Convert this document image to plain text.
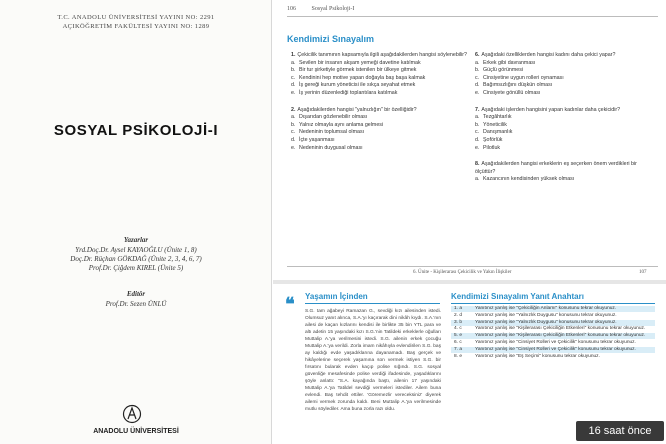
T.C. ANADOLU ÜNİVERSİTESİ YAYINI NO: 2291
AÇIKÖĞRETİM FAKÜLTESİ YAYINI NO: 1289
SOSYAL PSİKOLOJİ-I
Yazarlar
Yrd.Doç.Dr. Aysel KAYAOĞLU (Ünite 1, 8)
Doç.Dr. Rüçhan GÖKDAĞ (Ünite 2, 3, 4, 6, 7)
Prof.Dr. Çiğdem KIREL (Ünite 5)
Editör
Prof.Dr. Sezen ÜNLÜ
ANADOLU ÜNİVERSİTESİ
106	Sosyal Psikoloji-I
Kendimizi Sınayalım
1. Çekicilik tanımının kapsamıyla ilgili aşağıdakilerden hangisi söylenebilir?
a. Sevilen bir insanın akşam yemeği davetine katılmak
b. Bir tur şirketiyle görmek istenilen bir ülkeye gitmek
c. Kendinini hep motive yapan doğayla baş başa kalmak
d. İş gereği kurum yöneticisi ile sıkça seyahat etmek
e. İş yerinin düzenlediği toplantılara katılmak
2. Aşağıdakilerden hangisi "yalnızlığın" bir özelliğidir?
a. Dışarıdan gözlenebilir olması
b. Yalnız olmayla aynı anlama gelmesi
c. Nedeninin toplumsal olması
d. İçte yaşanması
e. Nedeninin duygusal olması
6. Aşağıdaki özelliklerden hangisi kadını daha çekici yapar?
a. Erkek gibi davranması
b. Güçlü görünmesi
c. Cinsiyetine uygun rolleri oynaması
d. Bağımsızlığını düşkün olması
e. Cinsiyete gönüllü olması
7. Aşağıdaki işlerden hangisini yapan kadınlar daha çekicidir?
a. Tezgâhtarlık
b. Yöneticilik
c. Danışmanlık
d. Şoförlük
e. Pilotluk
8. Aşağıdakilerden hangisi erkeklerin eş seçerken önem verdikleri bir ölçüttür?
a. Kazancının kendisinden yüksek olması
6. Ünite - Kişilerarası Çekicilik ve Yakın İlişkiler	107
❝ Yaşamın İçinden
S.G. tam ağabeyi Ramazan G., sevdiği kızı ailesinden istedi. Olumsuz yanıt alınca, S.A.'yı kaçırarak dini nikâh kıydı. S.A.'nın ailesi de kaçan kızlarını kendisi ile birlikte 35 bin YTL para ve altı adetin 15 yaşındaki kızı S.G.'nin Tatildeki erkeklerle oğulları Muttalip A.'ya verilmesini istedi. S.G. ailenin erkek çocuğu Muttalip A.'ya verildi. Zorla imam nikâhıyla evlendirilen S.G. baş ay kaldığı evde yaşadıklarına dayanamadı. Baş gerçek ve hikâyelerine seçerek yaşamına son vermek istiyen S.G. bir fırsatını bularak evden kaçıp polise sığındı. S.G. sosyal güvenliğe mesafesinde polise verdiği ifadesinde, yaşadıklarını şöyle anlattı: "S.A. kayağında baştı, ailenin 17 yaşındaki Muttalip A.'ya Tatildel sevdiği vermeleri istediler. Ailem buna evlendi. Baş tehdit ettiler. 'Göremezlir vereceksiniz' diyerek ailemi vermek zorunda kaldı. Beni Muttalip A.'ya verilmesinde mutlu söylediler. Ama buna zorla razı oldu.
Kendimizi Sınayalım Yanıt Anahtarı
1. a	Yanıtınız yanlış ise "Çekiciliğin Anlamı" konusunu tekrar okuyunuz.
2. d	Yanıtınız yanlış ise "Yalnızlık Duygusu" konusunu tekrar okuyunuz.
3. b	Yanıtınız yanlış ise "Yalnızlık Duygusu" konusunu tekrar okuyunuz.
4. c	Yanıtınız yanlış ise "Kişilerarası Çekiciliğin Etkenleri" konusunu tekrar okuyunuz.
5. e	Yanıtınız yanlış ise "Kişilerarası Çekiciliğin Etkenleri" konusunu tekrar okuyunuz.
6. c	Yanıtınız yanlış ise "Cinsiyet Rolleri ve Çekicilik" konusunu tekrar okuyunuz.
7. a	Yanıtınız yanlış ise "Cinsiyet Rolleri ve Çekicilik" konusunu tekrar okuyunuz.
8. e	Yanıtınız yanlış ise "Eş Seçimi" konusunu tekrar okuyunuz.
16 saat önce
